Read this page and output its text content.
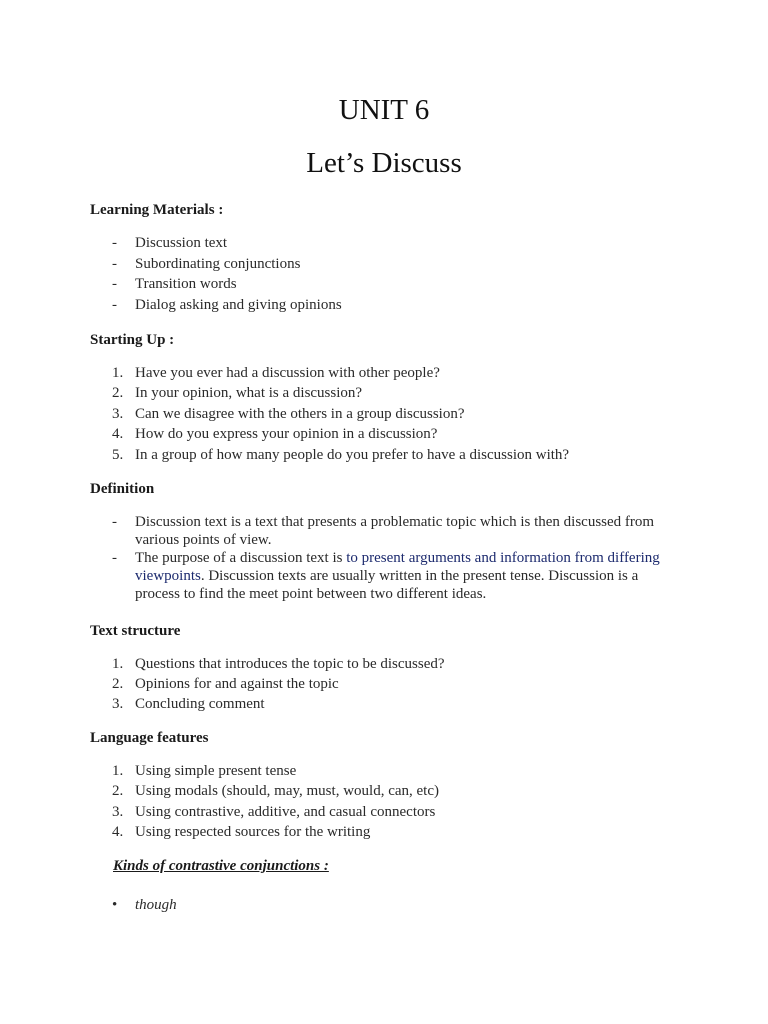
UNIT 6
Let’s Discuss
Learning Materials :
-	Discussion text
-	Subordinating conjunctions
-	Transition words
-	Dialog asking and giving opinions
Starting Up :
1. Have you ever had a discussion with other people?
2. In your opinion, what is a discussion?
3. Can we disagree with the others in a group discussion?
4. How do you express your opinion in a discussion?
5. In a group of how many people do you prefer to have a discussion with?
Definition
-	Discussion text is a text that presents a problematic topic which is then discussed from various points of view.
-	The purpose of a discussion text is to present arguments and information from differing viewpoints. Discussion texts are usually written in the present tense. Discussion is a process to find the meet point between two different ideas.
Text structure
1. Questions that introduces the topic to be discussed?
2. Opinions for and against the topic
3. Concluding comment
Language features
1. Using simple present tense
2. Using modals (should, may, must, would, can, etc)
3. Using contrastive, additive, and casual connectors
4. Using respected sources for the writing
Kinds of contrastive conjunctions :
•	though
